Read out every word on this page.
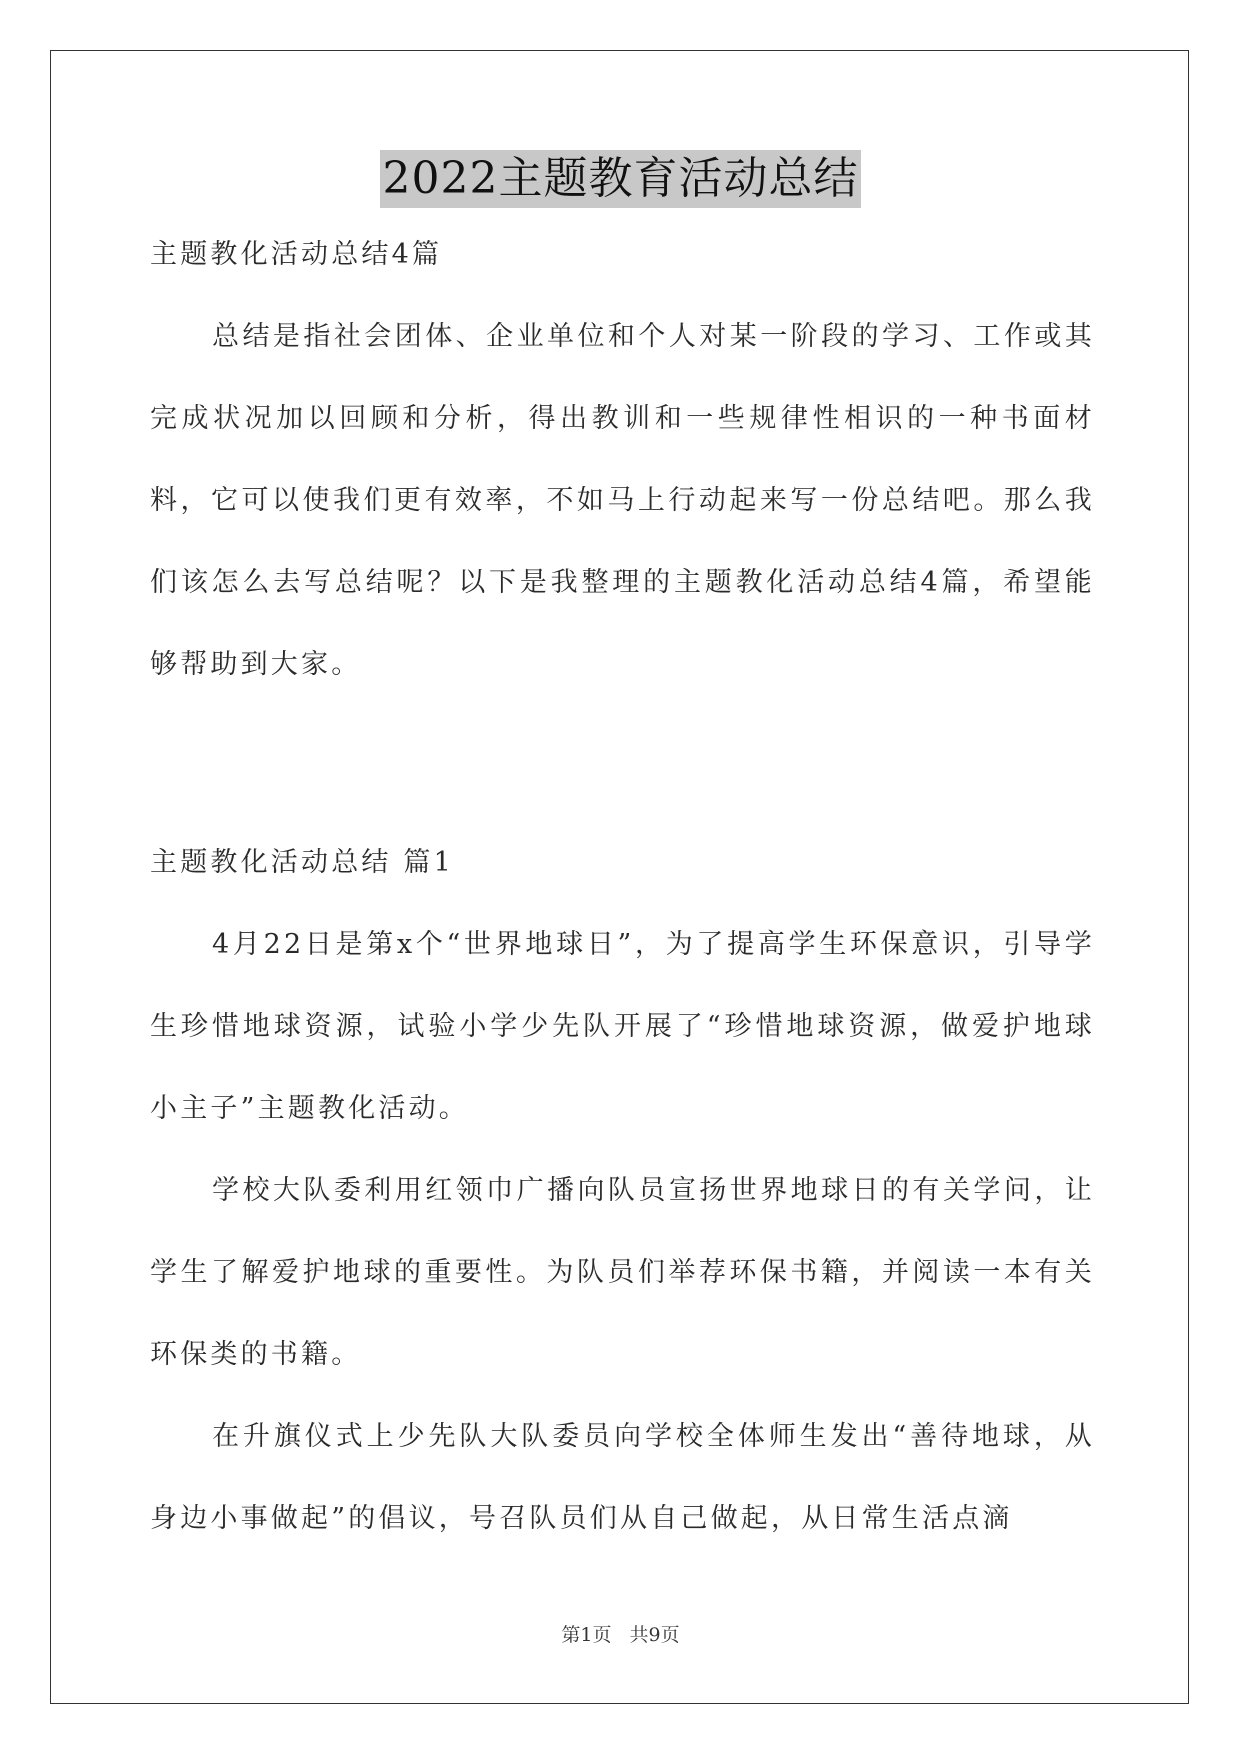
2022主题教育活动总结

主题教化活动总结4篇

总结是指社会团体、企业单位和个人对某一阶段的学习、工作或其完成状况加以回顾和分析，得出教训和一些规律性相识的一种书面材料，它可以使我们更有效率，不如马上行动起来写一份总结吧。那么我们该怎么去写总结呢？以下是我整理的主题教化活动总结4篇，希望能够帮助到大家。

主题教化活动总结 篇1

4月22日是第x个“世界地球日”，为了提高学生环保意识，引导学生珍惜地球资源，试验小学少先队开展了“珍惜地球资源，做爱护地球小主子”主题教化活动。

学校大队委利用红领巾广播向队员宣扬世界地球日的有关学问，让学生了解爱护地球的重要性。为队员们举荐环保书籍，并阅读一本有关环保类的书籍。

在升旗仪式上少先队大队委员向学校全体师生发出“善待地球，从身边小事做起”的倡议，号召队员们从自己做起，从日常生活点滴

第1页 共9页
